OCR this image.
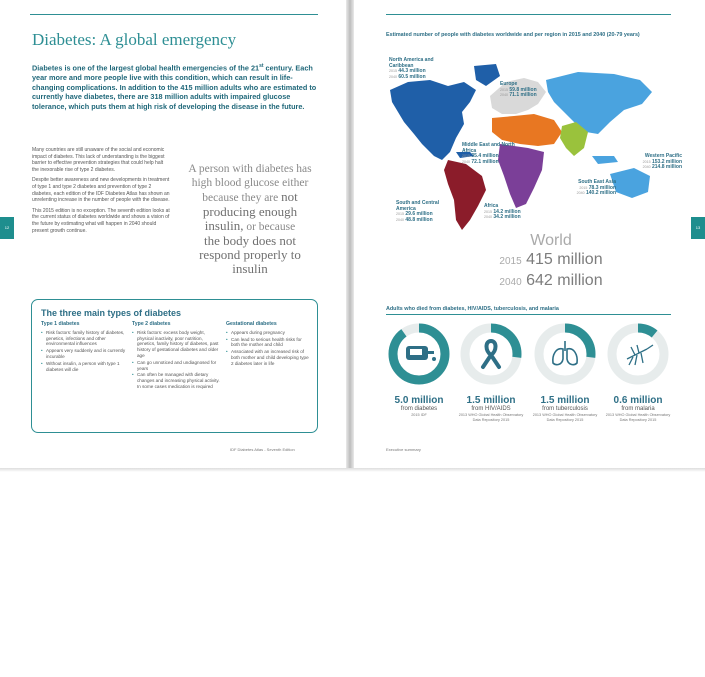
12
Diabetes: A global emergency

Diabetes is one of the largest global health emergencies of the 21st century. Each year more and more people live with this condition, which can result in life-changing complications. In addition to the 415 million adults who are estimated to currently have diabetes, there are 318 million adults with impaired glucose tolerance, which puts them at high risk of developing the disease in the future.

Many countries are still unaware of the social and economic impact of diabetes. This lack of understanding is the biggest barrier to effective prevention strategies that could help halt the inexorable rise of type 2 diabetes.

Despite better awareness and new developments in treatment of type 1 and type 2 diabetes and prevention of type 2 diabetes, each edition of the IDF Diabetes Atlas has shown an unrelenting increase in the number of people with the disease.

This 2015 edition is no exception. The seventh edition looks at the current status of diabetes worldwide and shows a vision of the future by estimating what will happen in 2040 should present growth continue.

A person with diabetes has
high blood glucose either
because they are not
producing enough
insulin, or because
the body does not
respond properly to
insulin
The three main types of diabetes
Type 1 diabetes
• Risk factors: family history of diabetes, genetics, infections and other environmental influences
• Appears very suddenly and is currently incurable
• Without insulin, a person with type 1 diabetes will die
Type 2 diabetes
• Risk factors: excess body weight, physical inactivity, poor nutrition, genetics, family history of diabetes, past history of gestational diabetes and older age
• Can go unnoticed and undiagnosed for years
• Can often be managed with dietary changes and increasing physical activity. In some cases medication is required
Gestational diabetes
• Appears during pregnancy
• Can lead to serious health risks for both the mother and child
• Associated with an increased risk of both mother and child developing type 2 diabetes later in life
IDF Diabetes Atlas - Seventh Edition
13
Estimated number of people with diabetes worldwide and per region in 2015 and 2040 (20-79 years)
North America and Caribbean
2015 44.3 million
2040 60.5 million
Europe
2015 59.8 million
2040 71.1 million
Middle East and North Africa
2015 35.4 million
2040 72.1 million
Western Pacific
2015 153.2 million
2040 214.8 million
South East Asia
2015 78.3 million
2040 140.2 million
South and Central America
2015 29.6 million
2040 48.8 million
Africa
2015 14.2 million
2040 34.2 million
World
2015 415 million
2040 642 million
Adults who died from diabetes, HIV/AIDS, tuberculosis, and malaria
5.0 million
from diabetes
2015 IDF
1.5 million
from HIV/AIDS
2013 WHO Global Health Observatory Data Repository 2015
1.5 million
from tuberculosis
2013 WHO Global Health Observatory Data Repository 2015
0.6 million
from malaria
2013 WHO Global Health Observatory Data Repository 2015
Executive summary
